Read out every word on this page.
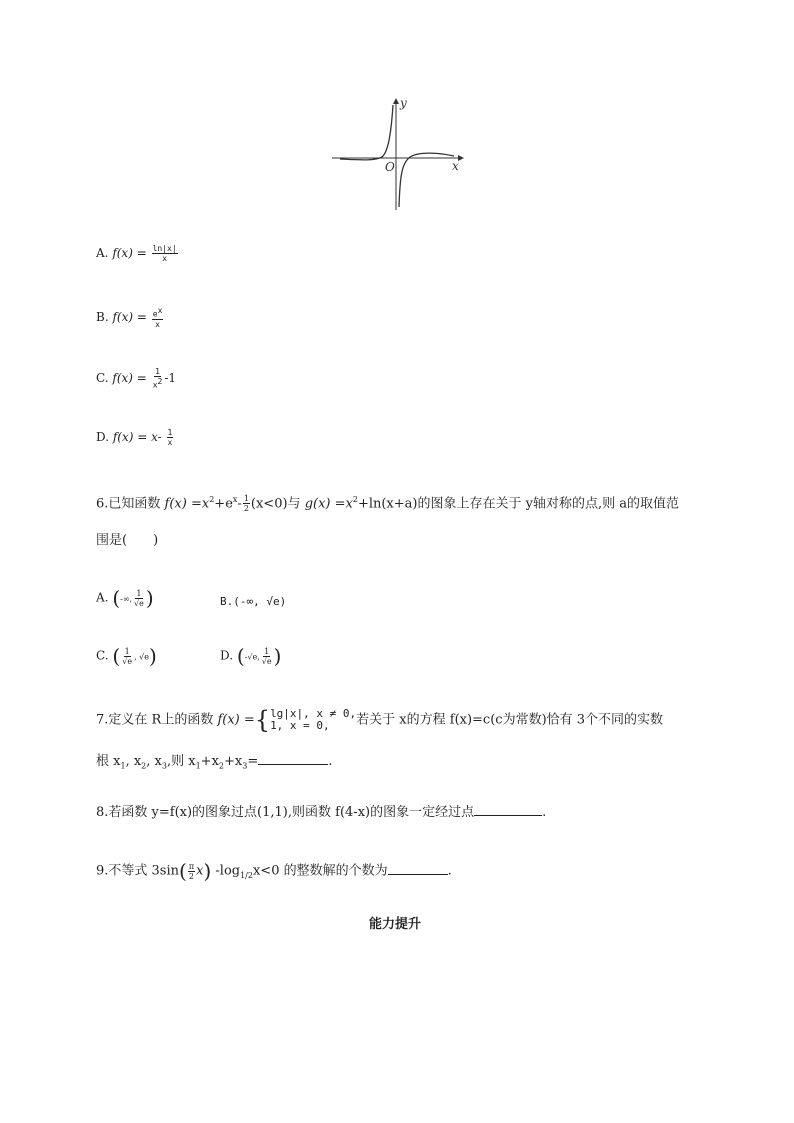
y
x
O
A. $f(x) = \frac{\ln|x|}{x}$
B. $f(x) = \frac{e^x}{x}$
C. $f(x) = \frac{1}{x^2} -1$
D. $f(x) = x- \frac{1}{x}$
6.已知函数 $f(x) =x^2+e^x- \frac{1}{2} (x<0)$与 $g(x) =x^2+\ln(x+a)$的图象上存在关于 y轴对称的点,则 a的取值范
围是(　　)
A. (-∞, $\frac{1}{√e}$ )	B.(-∞, √e)
C. ( $\frac{1}{√e}$ , √e)	D. (-√e, $\frac{1}{√e}$ )
7.定义在 R上的函数 f(x) ={ lg|x|, x ≠ 0,
1, x = 0,	若关于 x的方程 f(x)=c(c为常数)恰有 3个不同的实数
根 $x_1$, $x_2$, $x_3$,则 $x_1+x_2+x_3=$	.
8.若函数 y=f(x)的图象过点(1,1),则函数 f(4-x)的图象一定经过点	.
9.不等式 $3\sin( \frac{\pi}{2} x)$ $-\log_{1/2}x<0$ 的整数解的个数为	.
能力提升
